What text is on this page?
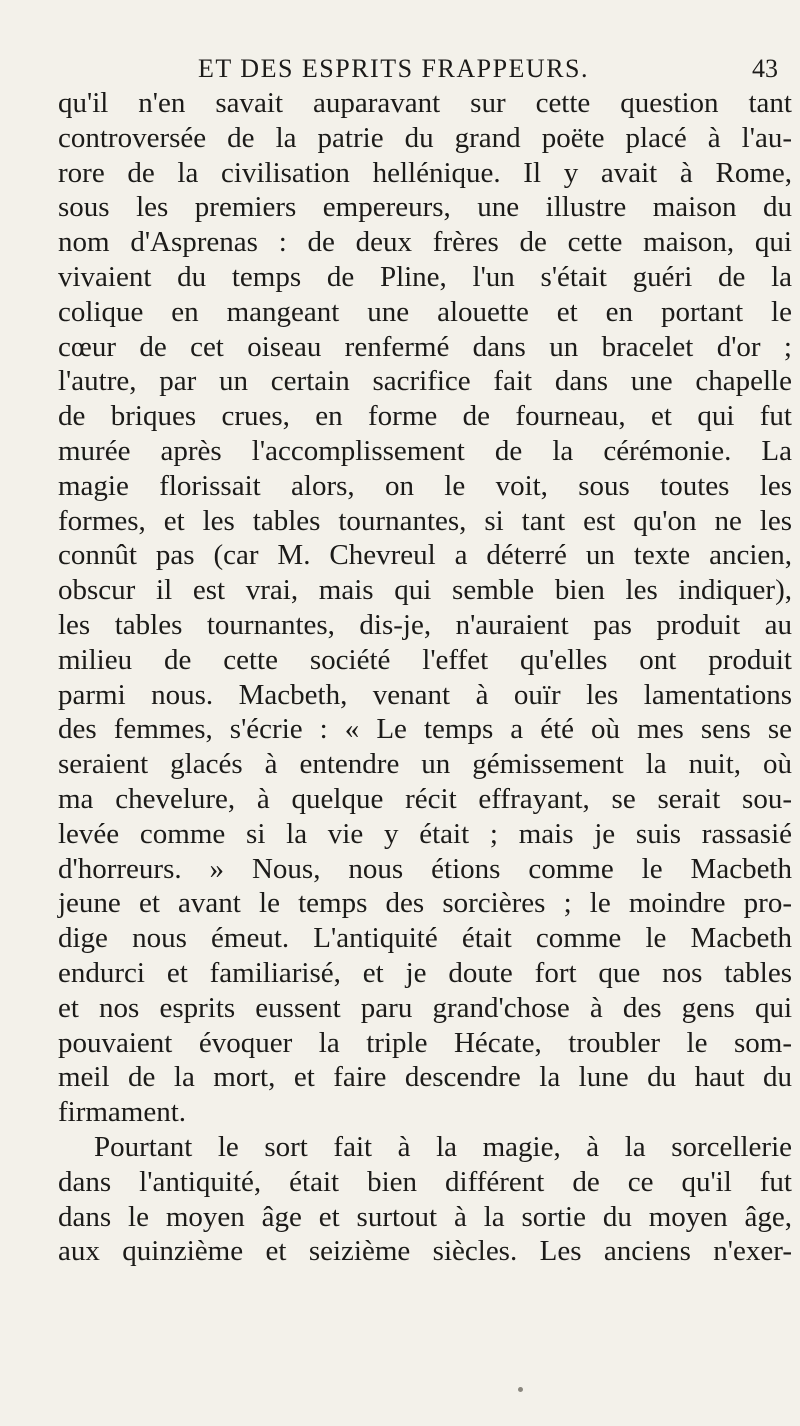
ET DES ESPRITS FRAPPEURS.	43
qu'il n'en savait auparavant sur cette question tant
controversée de la patrie du grand poëte placé à l'au-
rore de la civilisation hellénique. Il y avait à Rome,
sous les premiers empereurs, une illustre maison du
nom d'Asprenas : de deux frères de cette maison, qui
vivaient du temps de Pline, l'un s'était guéri de la
colique en mangeant une alouette et en portant le
cœur de cet oiseau renfermé dans un bracelet d'or ;
l'autre, par un certain sacrifice fait dans une chapelle
de briques crues, en forme de fourneau, et qui fut
murée après l'accomplissement de la cérémonie. La
magie florissait alors, on le voit, sous toutes les
formes, et les tables tournantes, si tant est qu'on ne les
connût pas (car M. Chevreul a déterré un texte ancien,
obscur il est vrai, mais qui semble bien les indiquer),
les tables tournantes, dis-je, n'auraient pas produit au
milieu de cette société l'effet qu'elles ont produit
parmi nous. Macbeth, venant à ouïr les lamentations
des femmes, s'écrie : « Le temps a été où mes sens se
seraient glacés à entendre un gémissement la nuit, où
ma chevelure, à quelque récit effrayant, se serait sou-
levée comme si la vie y était ; mais je suis rassasié
d'horreurs. » Nous, nous étions comme le Macbeth
jeune et avant le temps des sorcières ; le moindre pro-
dige nous émeut. L'antiquité était comme le Macbeth
endurci et familiarisé, et je doute fort que nos tables
et nos esprits eussent paru grand'chose à des gens qui
pouvaient évoquer la triple Hécate, troubler le som-
meil de la mort, et faire descendre la lune du haut du
firmament.
Pourtant le sort fait à la magie, à la sorcellerie
dans l'antiquité, était bien différent de ce qu'il fut
dans le moyen âge et surtout à la sortie du moyen âge,
aux quinzième et seizième siècles. Les anciens n'exer-
